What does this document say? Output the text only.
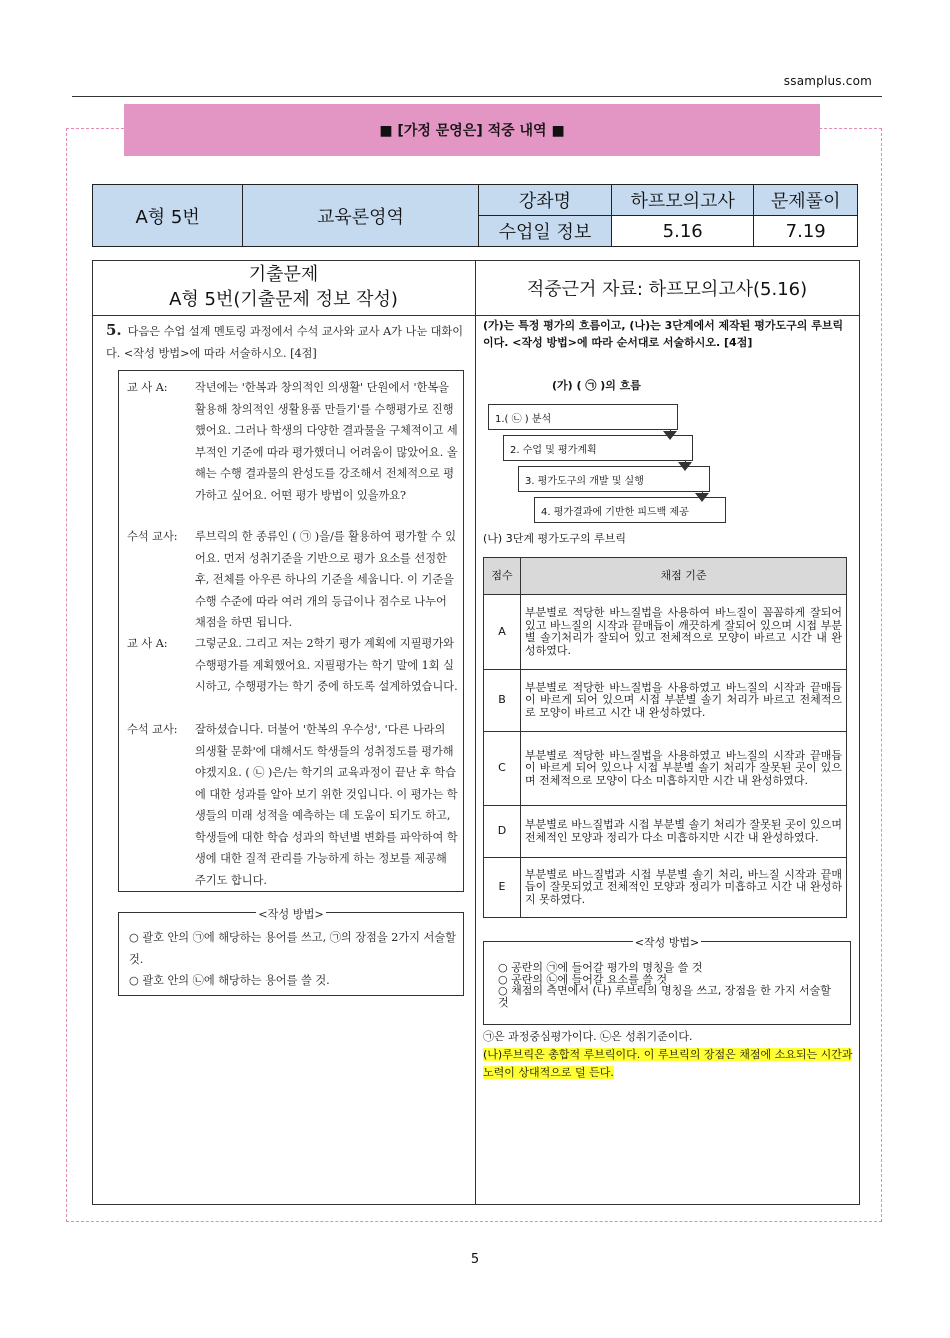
ssamplus.com
■ [가정 문영은] 적중 내역 ■
A형 5번	교육론영역	강좌명	하프모의고사	문제풀이
		수업일 정보	5.16	7.19
기출문제
A형 5번(기출문제 정보 작성)	적중근거 자료: 하프모의고사(5.16)
5. 다음은 수업 설계 멘토링 과정에서 수석 교사와 교사 A가 나눈 대화이다. <작성 방법>에 따라 서술하시오. [4점]
교 사 A:	작년에는 '한복과 창의적인 의생활' 단원에서 '한복을 활용해 창의적인 생활용품 만들기'를 수행평가로 진행했어요. 그러나 학생의 다양한 결과물을 구체적이고 세부적인 기준에 따라 평가했더니 어려움이 많았어요. 올해는 수행 결과물의 완성도를 강조해서 전체적으로 평가하고 싶어요. 어떤 평가 방법이 있을까요?
수석 교사:	루브릭의 한 종류인 ( ㉠ )을/를 활용하여 평가할 수 있어요. 먼저 성취기준을 기반으로 평가 요소를 선정한 후, 전체를 아우른 하나의 기준을 세웁니다. 이 기준을 수행 수준에 따라 여러 개의 등급이나 점수로 나누어 채점을 하면 됩니다.
교 사 A:	그렇군요. 그리고 저는 2학기 평가 계획에 지필평가와 수행평가를 계획했어요. 지필평가는 학기 말에 1회 실시하고, 수행평가는 학기 중에 하도록 설계하였습니다.
수석 교사:	잘하셨습니다. 더불어 '한복의 우수성', '다른 나라의 의생활 문화'에 대해서도 학생들의 성취정도를 평가해야겠지요. ( ㉡ )은/는 학기의 교육과정이 끝난 후 학습에 대한 성과를 알아 보기 위한 것입니다. 이 평가는 학생들의 미래 성적을 예측하는 데 도움이 되기도 하고, 학생들에 대한 학습 성과의 학년별 변화를 파악하여 학생에 대한 질적 관리를 가능하게 하는 정보를 제공해 주기도 합니다.
<작성 방법>
○ 괄호 안의 ㉠에 해당하는 용어를 쓰고, ㉠의 장점을 2가지 서술할 것.
○ 괄호 안의 ㉡에 해당하는 용어를 쓸 것.
(가)는 특정 평가의 흐름이고, (나)는 3단계에서 제작된 평가도구의 루브릭이다. <작성 방법>에 따라 순서대로 서술하시오. [4점]
(가) ( ㉠ )의 흐름
1.( ㉡ ) 분석
2. 수업 및 평가계획
3. 평가도구의 개발 및 실행
4. 평가결과에 기반한 피드백 제공
(나) 3단계 평가도구의 루브릭
점수	채점 기준
A	부분별로 적당한 바느질법을 사용하여 바느질이 꼼꼼하게 잘되어 있고 바느질의 시작과 끝매듭이 깨끗하게 잘되어 있으며 시접 부분별 솔기처리가 잘되어 있고 전체적으로 모양이 바르고 시간 내 완성하였다.
B	부분별로 적당한 바느질법을 사용하였고 바느질의 시작과 끝매듭이 바르게 되어 있으며 시접 부분별 솔기 처리가 바르고 전체적으로 모양이 바르고 시간 내 완성하였다.
C	부분별로 적당한 바느질법을 사용하였고 바느질의 시작과 끝매듭이 바르게 되어 있으나 시접 부분별 솔기 처리가 잘못된 곳이 있으며 전체적으로 모양이 다소 미흡하지만 시간 내 완성하였다.
D	부분별로 바느질법과 시접 부분별 솔기 처리가 잘못된 곳이 있으며 전체적인 모양과 정리가 다소 미흡하지만 시간 내 완성하였다.
E	부분별로 바느질법과 시접 부분별 솔기 처리, 바느질 시작과 끝매듭이 잘못되었고 전체적인 모양과 정리가 미흡하고 시간 내 완성하지 못하였다.
<작성 방법>
○ 공란의 ㉠에 들어갈 평가의 명칭을 쓸 것
○ 공란의 ㉡에 들어갈 요소를 쓸 것
○ 채점의 측면에서 (나) 루브릭의 명칭을 쓰고, 장점을 한 가지 서술할 것
㉠은 과정중심평가이다. ㉡은 성취기준이다.
(나)루브릭은 총합적 루브릭이다. 이 루브릭의 장점은 채점에 소요되는 시간과 노력이 상대적으로 덜 든다.
5
